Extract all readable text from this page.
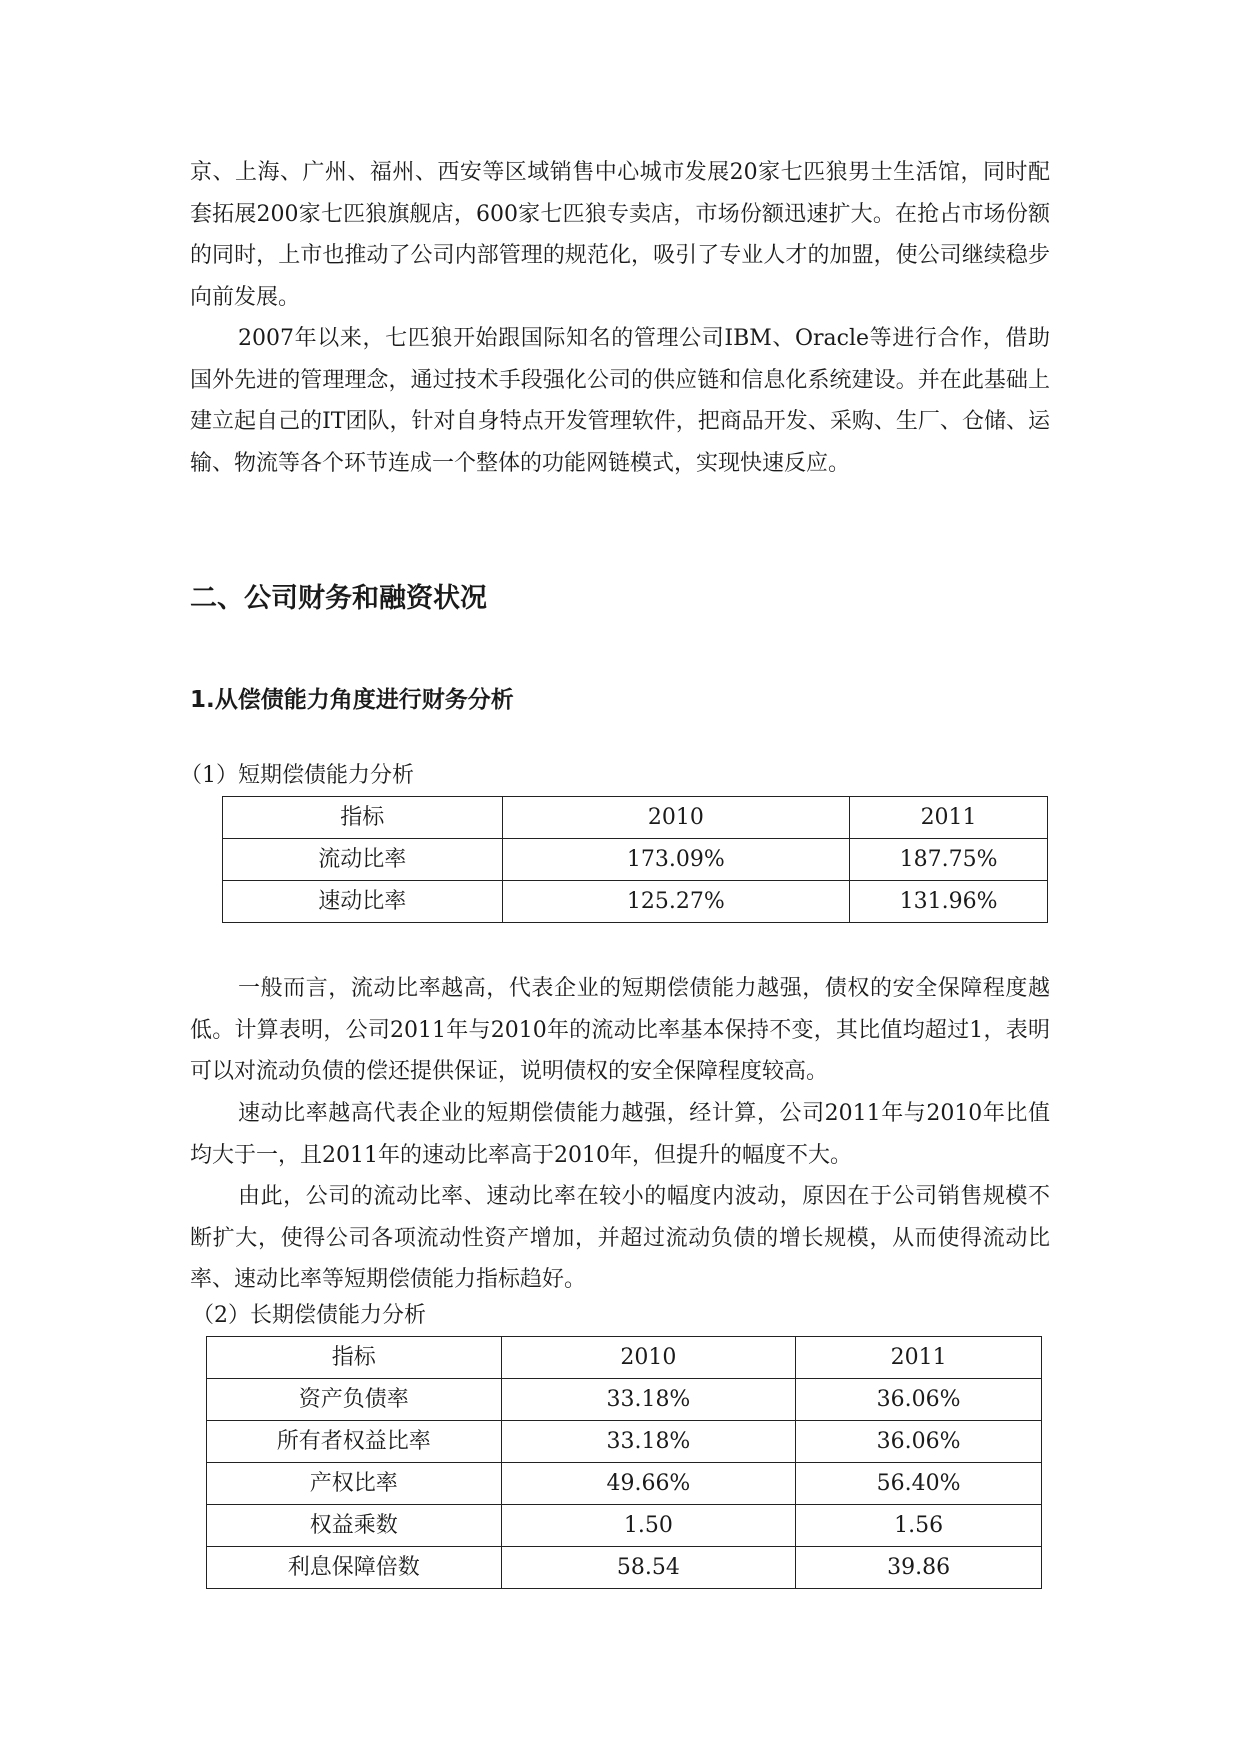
京、上海、广州、福州、西安等区域销售中心城市发展20家七匹狼男士生活馆，同时配套拓展200家七匹狼旗舰店，600家七匹狼专卖店，市场份额迅速扩大。在抢占市场份额的同时，上市也推动了公司内部管理的规范化，吸引了专业人才的加盟，使公司继续稳步向前发展。

2007年以来，七匹狼开始跟国际知名的管理公司IBM、Oracle等进行合作，借助国外先进的管理理念，通过技术手段强化公司的供应链和信息化系统建设。并在此基础上建立起自己的IT团队，针对自身特点开发管理软件，把商品开发、采购、生厂、仓储、运输、物流等各个环节连成一个整体的功能网链模式，实现快速反应。

二、公司财务和融资状况
1.从偿债能力角度进行财务分析

（1）短期偿债能力分析

指标	2010	2011
流动比率	173.09%	187.75%
速动比率	125.27%	131.96%

一般而言，流动比率越高，代表企业的短期偿债能力越强，债权的安全保障程度越低。计算表明，公司2011年与2010年的流动比率基本保持不变，其比值均超过1，表明可以对流动负债的偿还提供保证，说明债权的安全保障程度较高。

速动比率越高代表企业的短期偿债能力越强，经计算，公司2011年与2010年比值均大于一，且2011年的速动比率高于2010年，但提升的幅度不大。

由此，公司的流动比率、速动比率在较小的幅度内波动，原因在于公司销售规模不断扩大，使得公司各项流动性资产增加，并超过流动负债的增长规模，从而使得流动比率、速动比率等短期偿债能力指标趋好。

（2）长期偿债能力分析

指标	2010	2011
资产负债率	33.18%	36.06%
所有者权益比率	33.18%	36.06%
产权比率	49.66%	56.40%
权益乘数	1.50	1.56
利息保障倍数	58.54	39.86
